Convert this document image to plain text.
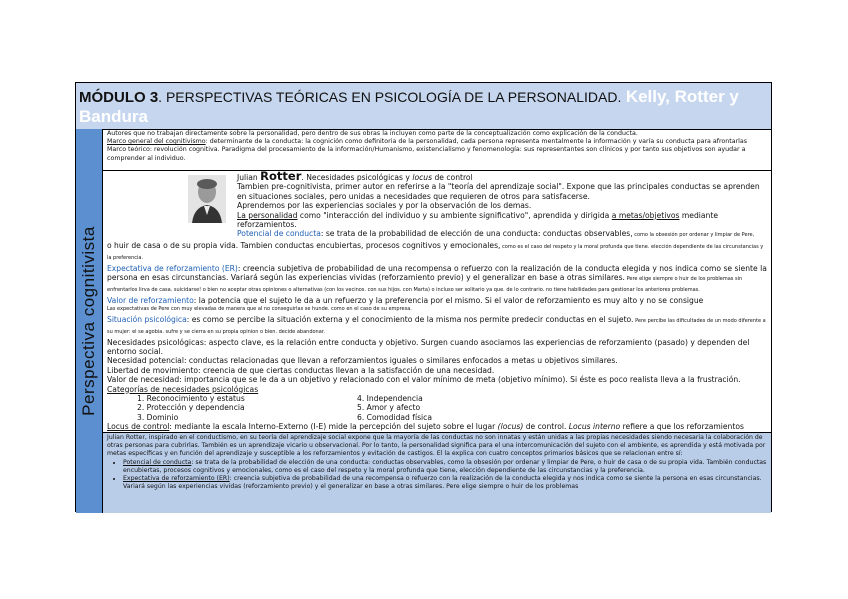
MÓDULO 3. PERSPECTIVAS TEÓRICAS EN PSICOLOGÍA DE LA PERSONALIDAD. Kelly, Rotter y Bandura
Perspectiva cognitivista

Autores que no trabajan directamente sobre la personalidad, pero dentro de sus obras la incluyen como parte de la conceptualización como explicación de la conducta.

Marco general del cognitivismo: determinante de la conducta: la cognición como definitoria de la personalidad, cada persona representa mentalmente la información y varía su conducta para afrontarlas

Marco teórico: revolución cognitiva. Paradigma del procesamiento de la información/Humanismo, existencialismo y fenomenología: sus representantes son clínicos y por tanto sus objetivos son ayudar a comprender al individuo.

Julian Rotter. Necesidades psicológicas y locus de control

Tambien pre-cognitivista, primer autor en referirse a la "teoría del aprendizaje social". Expone que las principales conductas se aprenden en situaciones sociales, pero unidas a necesidades que requieren de otros para satisfacerse.

Aprendemos por las experiencias sociales y por la observación de los demas.

La personalidad como "interacción del individuo y su ambiente significativo", aprendida y dirigida a metas/objetivos mediante reforzamientos.

Potencial de conducta: se trata de la probabilidad de elección de una conducta: conductas observables, como la obsesión por ordenar y limpiar de Pere,

o huir de casa o de su propia vida. Tambien conductas encubiertas, procesos cognitivos y emocionales, como es el caso del respeto y la moral profunda que tiene. elección dependiente de las circunstancias y la preferencia.

Expectativa de reforzamiento (ER): creencia subjetiva de probabilidad de una recompensa o refuerzo con la realización de la conducta elegida y nos indica como se siente la persona en esas circunstancias. Variará según las experiencias vividas (reforzamiento previo) y el generalizar en base a otras similares. Pere elige siempre o huir de los problemas sin enfrentarlos lirva de casa. suicidarse! o bien no aceptar otras opiniones o alternativas (con los vecinos. con sus hijos. con Marta) o incluso ser solitario ya que. de lo contrario. no tiene habilidades para gestionar los anteriores problemas.

Valor de reforzamiento: la potencia que el sujeto le da a un refuerzo y la preferencia por el mismo. Si el valor de reforzamiento es muy alto y no se consigue

Las expectativas de Pere con muy elevadas de manera que al no conseguirlas se hunde. como en el caso de su empresa.

Situación psicológica: es como se percibe la situación externa y el conocimiento de la misma nos permite predecir conductas en el sujeto. Pere percibe las dificultades de un modo diferente a su mujer: el se agobia. sufre y se cierra en su propia opinion o bien. decide abandonar.

Necesidades psicológicas: aspecto clave, es la relación entre conducta y objetivo. Surgen cuando asociamos las experiencias de reforzamiento (pasado) y dependen del entorno social.

Necesidad potencial: conductas relacionadas que llevan a reforzamientos iguales o similares enfocados a metas u objetivos similares.

Libertad de movimiento: creencia de que ciertas conductas llevan a la satisfacción de una necesidad.

Valor de necesidad: importancia que se le da a un objetivo y relacionado con el valor mínimo de meta (objetivo mínimo). Si éste es poco realista lleva a la frustración.

Categorías de necesidades psicológicas

1. Reconocimiento y estatus	4. Independencia
2. Protección y dependencia	5. Amor y afecto
3. Dominio	6. Comodidad física

Locus de control: mediante la escala Interno-Externo (I-E) mide la percepción del sujeto sobre el lugar (locus) de control. Locus interno refiere a que los reforzamientos

Julian Rotter, inspirado en el conductismo, en su teoría del aprendizaje social expone que la mayoría de las conductas no son innatas y están unidas a las propias necesidades siendo necesaria la colaboración de otras personas para cubrirlas. También es un aprendizaje vicario u observacional. Por lo tanto, la personalidad significa para el una intercomunicación del sujeto con el ambiente, es aprendida y está motivada por metas específicas y en función del aprendizaje y susceptible a los reforzamientos y evitación de castigos. El la explica con cuatro conceptos primarios básicos que se relacionan entre sí:

• Potencial de conducta: se trata de la probabilidad de elección de una conducta: conductas observables, como la obsesión por ordenar y limpiar de Pere, o huir de casa o de su propia vida. También conductas encubiertas, procesos cognitivos y emocionales, como es el caso del respeto y la moral profunda que tiene, elección dependiente de las circunstancias y la preferencia.
• Expectativa de reforzamiento (ER): creencia subjetiva de probabilidad de una recompensa o refuerzo con la realización de la conducta elegida y nos indica como se siente la persona en esas circunstancias. Variará según las experiencias vividas (reforzamiento previo) y el generalizar en base a otras similares. Pere elige siempre o huir de los problemas
